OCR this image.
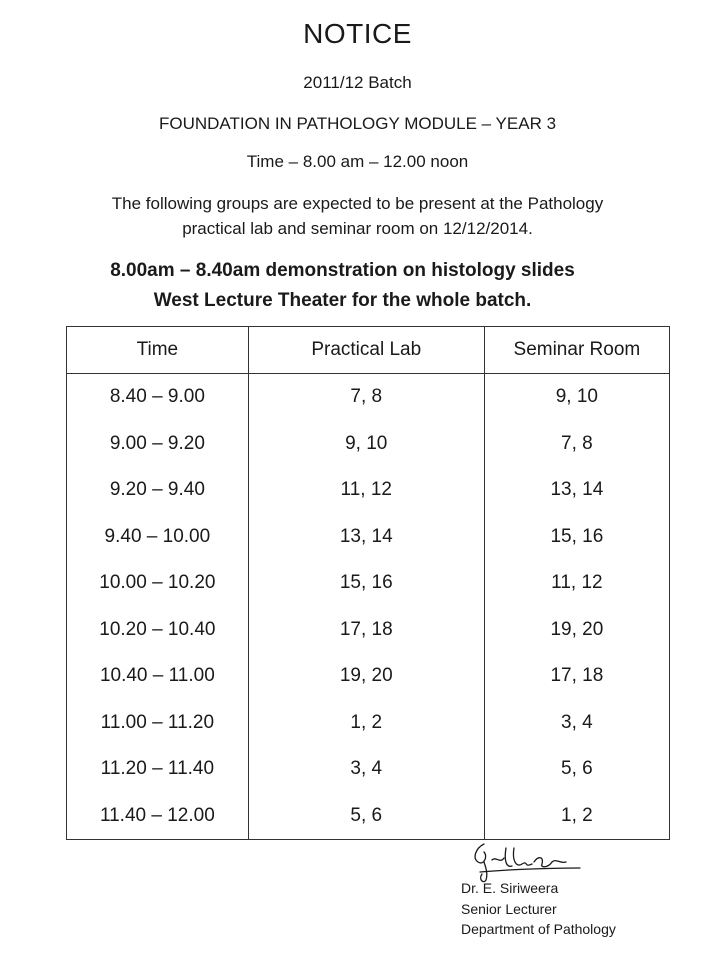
NOTICE
2011/12 Batch
FOUNDATION IN PATHOLOGY MODULE – YEAR 3
Time – 8.00 am – 12.00 noon
The following groups are expected to be present at the Pathology
practical lab and seminar room on 12/12/2014.
8.00am – 8.40am demonstration on histology slides
West Lecture Theater for the whole batch.
Time	Practical Lab	Seminar Room
8.40 – 9.00	7, 8	9, 10
9.00 – 9.20	9, 10	7, 8
9.20 – 9.40	11, 12	13, 14
9.40 – 10.00	13, 14	15, 16
10.00 – 10.20	15, 16	11, 12
10.20 – 10.40	17, 18	19, 20
10.40 – 11.00	19, 20	17, 18
11.00 – 11.20	1, 2	3, 4
11.20 – 11.40	3, 4	5, 6
11.40 – 12.00	5, 6	1, 2
Dr. E. Siriweera
Senior Lecturer
Department of Pathology
